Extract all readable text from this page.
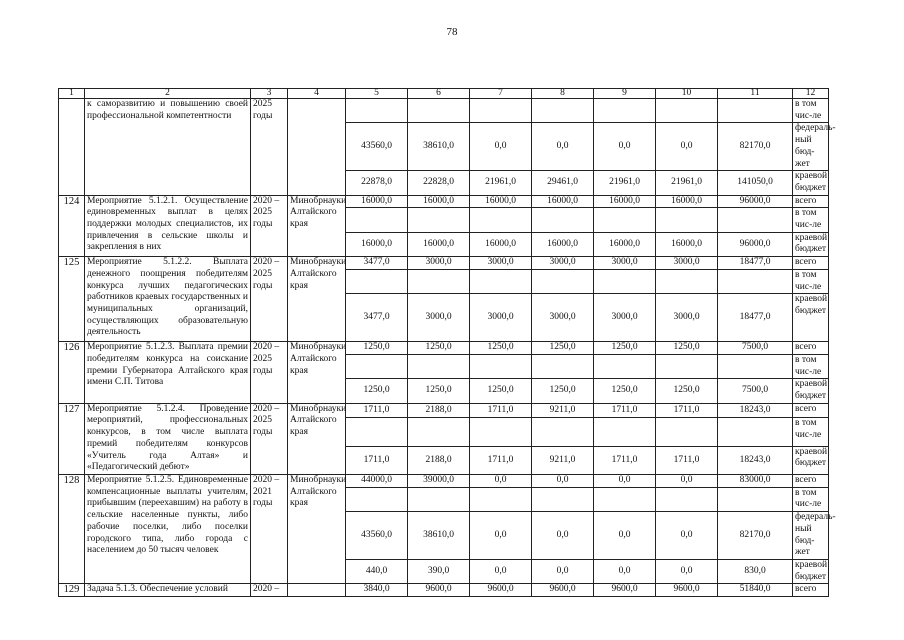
78
1	2	3	4	5	6	7	8	9	10	11	12
	к саморазвитию и повышению своей профессиональной компетентности	2025 годы									в том чис-ле
				43560,0	38610,0	0,0	0,0	0,0	0,0	82170,0	федераль-ный бюд-жет
				22878,0	22828,0	21961,0	29461,0	21961,0	21961,0	141050,0	краевой бюджет
124	Мероприятие 5.1.2.1. Осуществление единовременных выплат в целях поддержки молодых специалистов, их привлечения в сельские школы и закрепления в них	2020 – 2025 годы	Минобрнауки Алтайского края	16000,0	16000,0	16000,0	16000,0	16000,0	16000,0	96000,0	всего
											в том чис-ле
				16000,0	16000,0	16000,0	16000,0	16000,0	16000,0	96000,0	краевой бюджет
125	Мероприятие 5.1.2.2. Выплата денежного поощрения победителям конкурса лучших педагогических работников краевых государственных и муниципальных организаций, осуществляющих образовательную деятельность	2020 – 2025 годы	Минобрнауки Алтайского края	3477,0	3000,0	3000,0	3000,0	3000,0	3000,0	18477,0	всего
											в том чис-ле
				3477,0	3000,0	3000,0	3000,0	3000,0	3000,0	18477,0	краевой бюджет
126	Мероприятие 5.1.2.3. Выплата премии победителям конкурса на соискание премии Губернатора Алтайского края имени С.П. Титова	2020 – 2025 годы	Минобрнауки Алтайского края	1250,0	1250,0	1250,0	1250,0	1250,0	1250,0	7500,0	всего
											в том чис-ле
				1250,0	1250,0	1250,0	1250,0	1250,0	1250,0	7500,0	краевой бюджет
127	Мероприятие 5.1.2.4. Проведение мероприятий, профессиональных конкурсов, в том числе выплата премий победителям конкурсов «Учитель года Алтая» и «Педагогический дебют»	2020 – 2025 годы	Минобрнауки Алтайского края	1711,0	2188,0	1711,0	9211,0	1711,0	1711,0	18243,0	всего
											в том чис-ле
				1711,0	2188,0	1711,0	9211,0	1711,0	1711,0	18243,0	краевой бюджет
128	Мероприятие 5.1.2.5. Единовременные компенсационные выплаты учителям, прибывшим (переехавшим) на работу в сельские населенные пункты, либо рабочие поселки, либо поселки городского типа, либо города с населением до 50 тысяч человек	2020 – 2021 годы	Минобрнауки Алтайского края	44000,0	39000,0	0,0	0,0	0,0	0,0	83000,0	всего
											в том чис-ле
				43560,0	38610,0	0,0	0,0	0,0	0,0	82170,0	федераль-ный бюд-жет
				440,0	390,0	0,0	0,0	0,0	0,0	830,0	краевой бюджет
129	Задача 5.1.3. Обеспечение условий	2020 –		3840,0	9600,0	9600,0	9600,0	9600,0	9600,0	51840,0	всего
